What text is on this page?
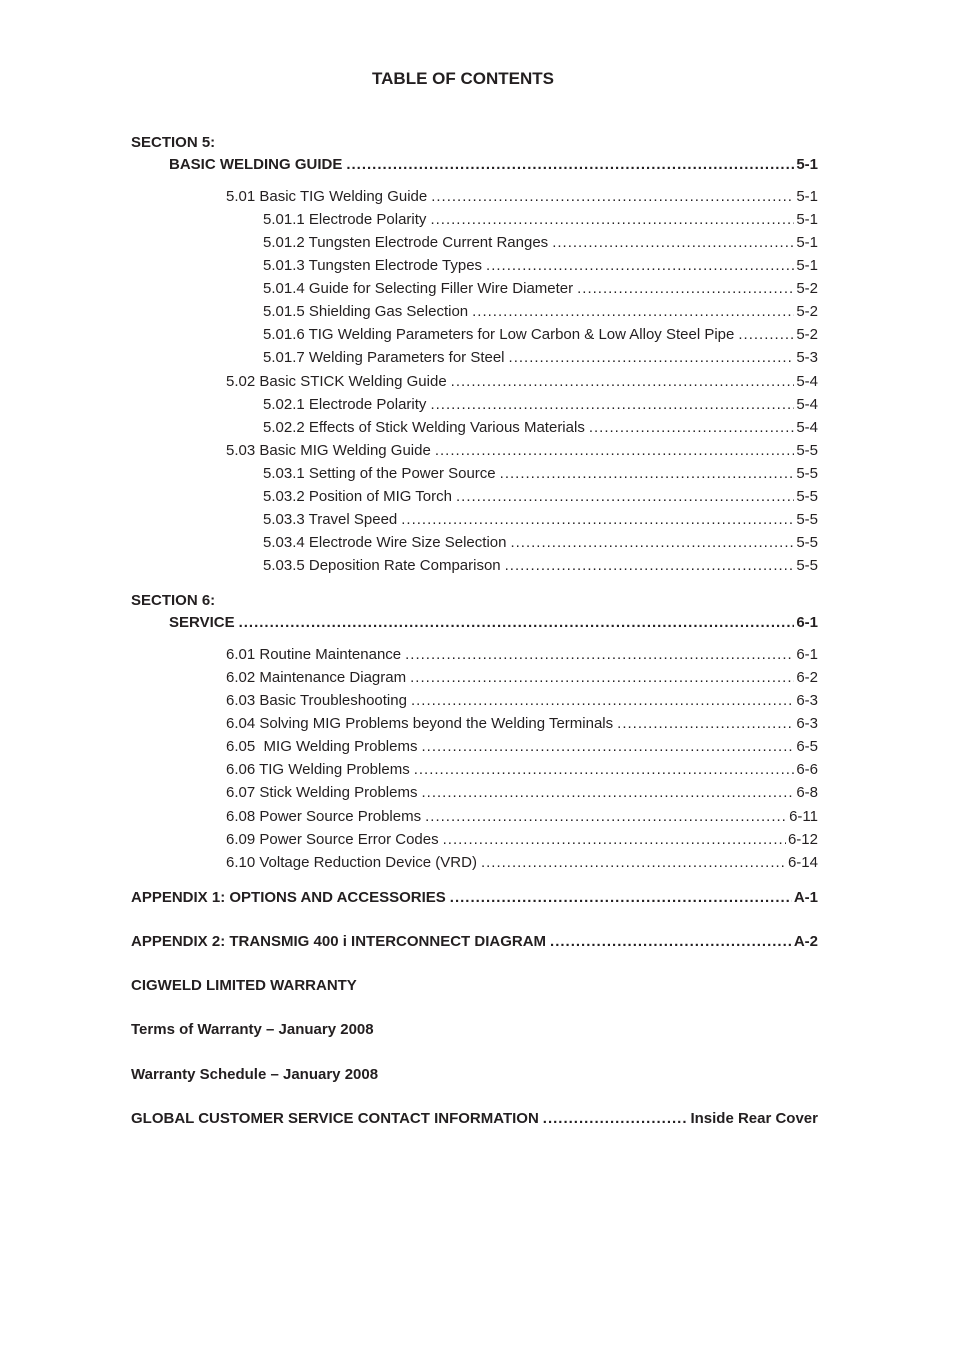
TABLE OF CONTENTS
SECTION 5:
BASIC WELDING GUIDE .....	5-1
5.01 Basic TIG Welding Guide .....	5-1
5.01.1 Electrode Polarity .....	5-1
5.01.2 Tungsten Electrode Current Ranges .....	5-1
5.01.3 Tungsten Electrode Types .....	5-1
5.01.4 Guide for Selecting Filler Wire Diameter .....	5-2
5.01.5 Shielding Gas Selection .....	5-2
5.01.6 TIG Welding Parameters for Low Carbon & Low Alloy Steel Pipe .....	5-2
5.01.7 Welding Parameters for Steel .....	5-3
5.02 Basic STICK Welding Guide .....	5-4
5.02.1 Electrode Polarity .....	5-4
5.02.2 Effects of Stick Welding Various Materials .....	5-4
5.03 Basic MIG Welding Guide .....	5-5
5.03.1 Setting of the Power Source .....	5-5
5.03.2 Position of MIG Torch .....	5-5
5.03.3 Travel Speed .....	5-5
5.03.4 Electrode Wire Size Selection .....	5-5
5.03.5 Deposition Rate Comparison .....	5-5
SECTION 6:
SERVICE .....	6-1
6.01 Routine Maintenance .....	6-1
6.02 Maintenance Diagram .....	6-2
6.03 Basic Troubleshooting .....	6-3
6.04 Solving MIG Problems beyond the Welding Terminals .....	6-3
6.05  MIG Welding Problems .....	6-5
6.06 TIG Welding Problems .....	6-6
6.07 Stick Welding Problems .....	6-8
6.08 Power Source Problems .....	6-11
6.09 Power Source Error Codes .....	6-12
6.10 Voltage Reduction Device (VRD) .....	6-14
APPENDIX 1: OPTIONS AND ACCESSORIES .....	A-1
APPENDIX 2: TRANSMIG 400 i INTERCONNECT DIAGRAM .....	A-2
CIGWELD LIMITED WARRANTY
Terms of Warranty – January 2008
Warranty Schedule – January 2008
GLOBAL CUSTOMER SERVICE CONTACT INFORMATION .....	Inside Rear Cover
